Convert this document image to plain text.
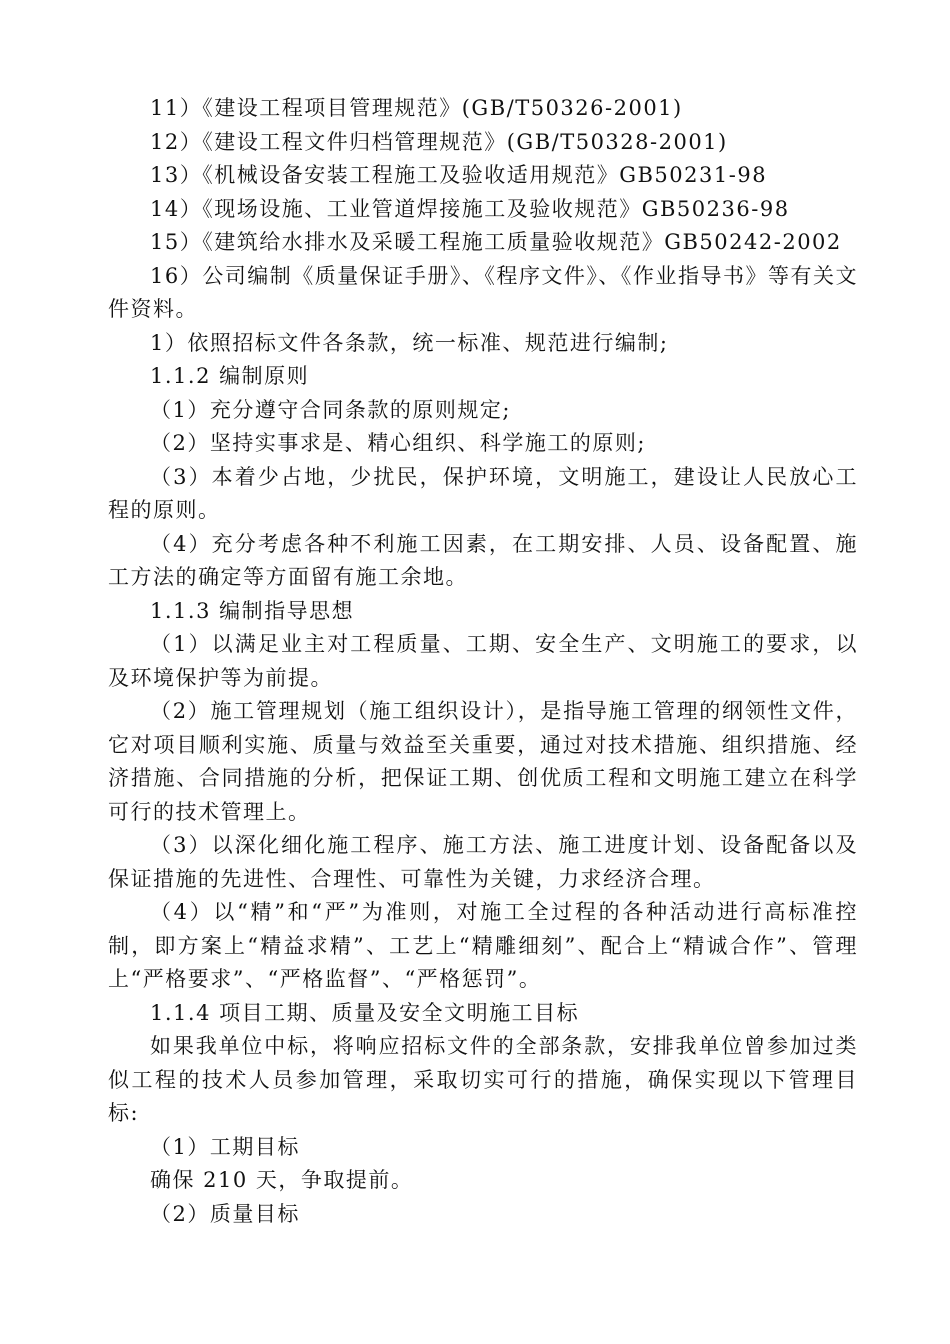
11）《建设工程项目管理规范》(GB/T50326-2001)

12）《建设工程文件归档管理规范》(GB/T50328-2001)

13）《机械设备安装工程施工及验收适用规范》GB50231-98

14）《现场设施、工业管道焊接施工及验收规范》GB50236-98

15）《建筑给水排水及采暖工程施工质量验收规范》GB50242-2002

16）公司编制《质量保证手册》、《程序文件》、《作业指导书》等有关文件资料。

1）依照招标文件各条款，统一标准、规范进行编制;

1.1.2 编制原则

（1）充分遵守合同条款的原则规定;

（2）坚持实事求是、精心组织、科学施工的原则;

（3）本着少占地，少扰民，保护环境，文明施工，建设让人民放心工程的原则。

（4）充分考虑各种不利施工因素，在工期安排、人员、设备配置、施工方法的确定等方面留有施工余地。

1.1.3 编制指导思想

（1）以满足业主对工程质量、工期、安全生产、文明施工的要求，以及环境保护等为前提。

（2）施工管理规划（施工组织设计），是指导施工管理的纲领性文件，它对项目顺利实施、质量与效益至关重要，通过对技术措施、组织措施、经济措施、合同措施的分析，把保证工期、创优质工程和文明施工建立在科学可行的技术管理上。

（3）以深化细化施工程序、施工方法、施工进度计划、设备配备以及保证措施的先进性、合理性、可靠性为关键，力求经济合理。

（4）以“精”和“严”为准则，对施工全过程的各种活动进行高标准控制，即方案上“精益求精”、工艺上“精雕细刻”、配合上“精诚合作”、管理上“严格要求”、“严格监督”、“严格惩罚”。

1.1.4 项目工期、质量及安全文明施工目标

如果我单位中标，将响应招标文件的全部条款，安排我单位曾参加过类似工程的技术人员参加管理，采取切实可行的措施，确保实现以下管理目标:

（1）工期目标

确保 210 天，争取提前。

（2）质量目标
